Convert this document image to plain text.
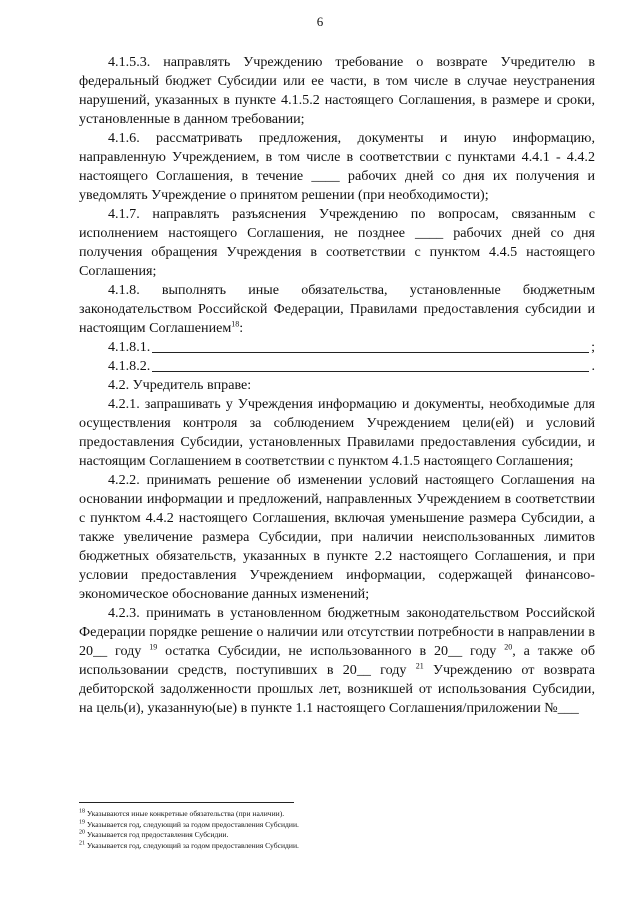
6

4.1.5.3. направлять Учреждению требование о возврате Учредителю в федеральный бюджет Субсидии или ее части, в том числе в случае неустранения нарушений, указанных в пункте 4.1.5.2 настоящего Соглашения, в размере и сроки, установленные в данном требовании;

4.1.6. рассматривать предложения, документы и иную информацию, направленную Учреждением, в том числе в соответствии с пунктами 4.4.1 - 4.4.2 настоящего Соглашения, в течение ____ рабочих дней со дня их получения и уведомлять Учреждение о принятом решении (при необходимости);

4.1.7. направлять разъяснения Учреждению по вопросам, связанным с исполнением настоящего Соглашения, не позднее ____ рабочих дней со дня получения обращения Учреждения в соответствии с пунктом 4.4.5 настоящего Соглашения;

4.1.8. выполнять иные обязательства, установленные бюджетным законодательством Российской Федерации, Правилами предоставления субсидии и настоящим Соглашением$^{18}$:

4.1.8.1.	;
4.1.8.2.	.

4.2. Учредитель вправе:

4.2.1. запрашивать у Учреждения информацию и документы, необходимые для осуществления контроля за соблюдением Учреждением цели(ей) и условий предоставления Субсидии, установленных Правилами предоставления субсидии, и настоящим Соглашением в соответствии с пунктом 4.1.5 настоящего Соглашения;

4.2.2. принимать решение об изменении условий настоящего Соглашения на основании информации и предложений, направленных Учреждением в соответствии с пунктом 4.4.2 настоящего Соглашения, включая уменьшение размера Субсидии, а также увеличение размера Субсидии, при наличии неиспользованных лимитов бюджетных обязательств, указанных в пункте 2.2 настоящего Соглашения, и при условии предоставления Учреждением информации, содержащей финансово-экономическое обоснование данных изменений;

4.2.3. принимать в установленном бюджетным законодательством Российской Федерации порядке решение о наличии или отсутствии потребности в направлении в 20__ году $^{19}$ остатка Субсидии, не использованного в 20__ году $^{20}$, а также об использовании средств, поступивших в 20__ году $^{21}$ Учреждению от возврата дебиторской задолженности прошлых лет, возникшей от использования Субсидии, на цель(и), указанную(ые) в пункте 1.1 настоящего Соглашения/приложении №___

$^{18}$ Указываются иные конкретные обязательства (при наличии).
$^{19}$ Указывается год, следующий за годом предоставления Субсидии.
$^{20}$ Указывается год предоставления Субсидии.
$^{21}$ Указывается год, следующий за годом предоставления Субсидии.
